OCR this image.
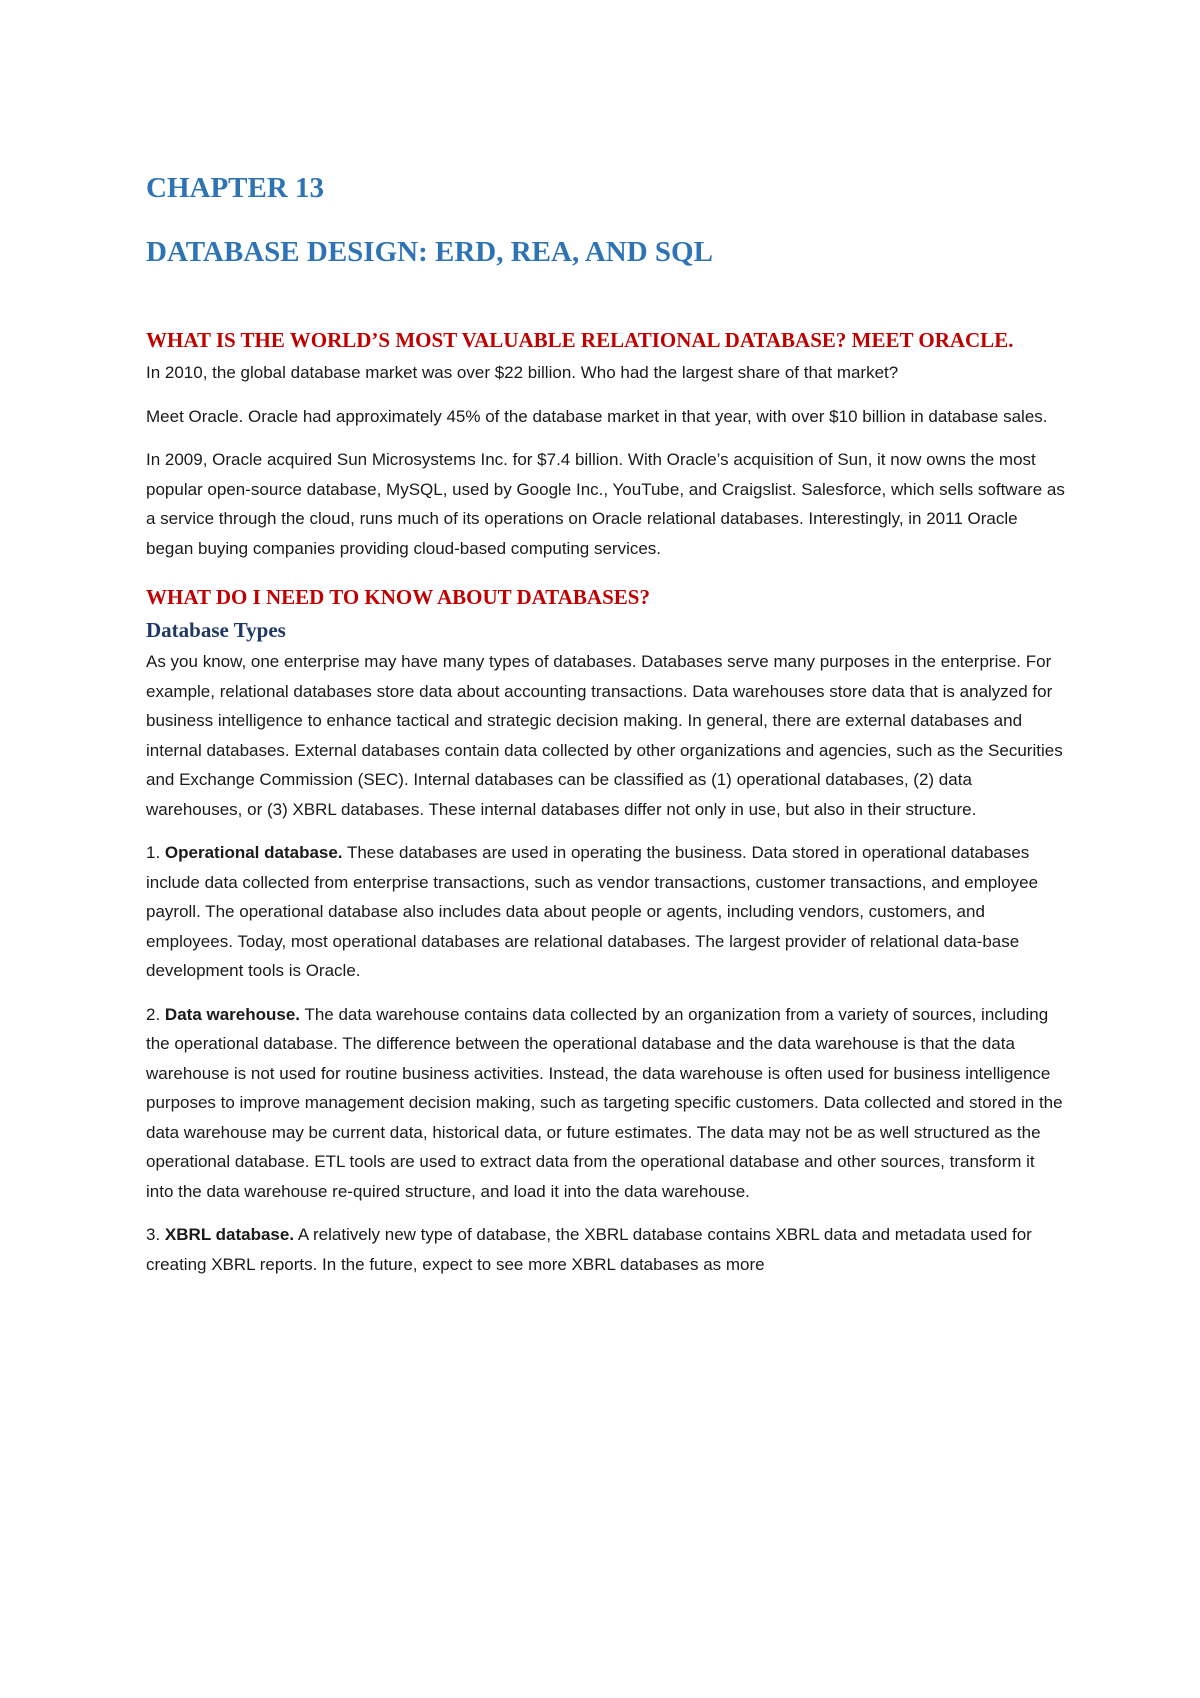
CHAPTER 13
DATABASE DESIGN: ERD, REA, AND SQL
WHAT IS THE WORLD’S MOST VALUABLE RELATIONAL DATABASE? MEET ORACLE.

In 2010, the global database market was over $22 billion. Who had the largest share of that market?

Meet Oracle. Oracle had approximately 45% of the database market in that year, with over $10 billion in database sales.

In 2009, Oracle acquired Sun Microsystems Inc. for $7.4 billion. With Oracle’s acquisition of Sun, it now owns the most popular open-source database, MySQL, used by Google Inc., YouTube, and Craigslist. Salesforce, which sells software as a service through the cloud, runs much of its operations on Oracle relational databases. Interestingly, in 2011 Oracle began buying companies providing cloud-based computing services.

WHAT DO I NEED TO KNOW ABOUT DATABASES?
Database Types

As you know, one enterprise may have many types of databases. Databases serve many purposes in the enterprise. For example, relational databases store data about accounting transactions. Data warehouses store data that is analyzed for business intelligence to enhance tactical and strategic decision making. In general, there are external databases and internal databases. External databases contain data collected by other organizations and agencies, such as the Securities and Exchange Commission (SEC). Internal databases can be classified as (1) operational databases, (2) data warehouses, or (3) XBRL databases. These internal databases differ not only in use, but also in their structure.

1. Operational database. These databases are used in operating the business. Data stored in operational databases include data collected from enterprise transactions, such as vendor transactions, customer transactions, and employee payroll. The operational database also includes data about people or agents, including vendors, customers, and employees. Today, most operational databases are relational databases. The largest provider of relational data-base development tools is Oracle.

2. Data warehouse. The data warehouse contains data collected by an organization from a variety of sources, including the operational database. The difference between the operational database and the data warehouse is that the data warehouse is not used for routine business activities. Instead, the data warehouse is often used for business intelligence purposes to improve management decision making, such as targeting specific customers. Data collected and stored in the data warehouse may be current data, historical data, or future estimates. The data may not be as well structured as the operational database. ETL tools are used to extract data from the operational database and other sources, transform it into the data warehouse re-quired structure, and load it into the data warehouse.

3. XBRL database. A relatively new type of database, the XBRL database contains XBRL data and metadata used for creating XBRL reports. In the future, expect to see more XBRL databases as more
